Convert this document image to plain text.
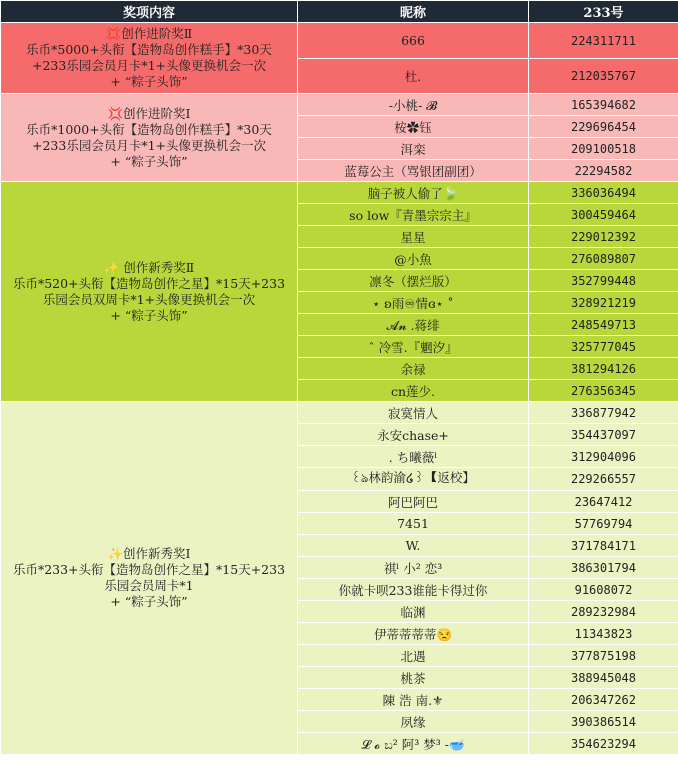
奖项内容	昵称	233号

💢创作进阶奖Ⅱ
乐币*5000+头衔【造物岛创作糕手】*30天
+233乐园会员月卡*1+头像更换机会一次
+ “粽子头饰”	666	224311711
	杜.	212035767

💢创作进阶奖Ⅰ
乐币*1000+头衔【造物岛创作糕手】*30天
+233乐园会员月卡*1+头像更换机会一次
+ “粽子头饰”	-小桃- 𝓑	165394682
	桉✿钰	229696454
	洱栾	209100518
	蓝莓公主（骂银团副团）	22294582

✨ 创作新秀奖Ⅱ
乐币*520+头衔【造物岛创作之星】*15天+233
乐园会员双周卡*1+头像更换机会一次
+ “粽子头饰”	脑子被人偷了🍃	336036494
	so low『青墨宗宗主』	300459464
	星星	229012392
	@小魚	276089807
	凛冬（摆烂版）	352799448
	⋆ ʚ雨♾情ɞ⋆ ˚	328921219
	𝓐𝓷 .蒋绯	248549713
	ˆ 冷雪.『魍汐』	325777045
	余禄	381294126
	cn莲少.	276356345

✨创作新秀奖Ⅰ
乐币*233+头衔【造物岛创作之星】*15天+233
乐园会员周卡*1
+ “粽子头饰”	寂寞情人	336877942
	永安chase+	354437097
	. ち曦薇ˡ	312904096
	꒰ঌ林韵渝໒꒱ 【返校】	229266557
	阿巴阿巴	23647412
	7451	57769794
	W.	371784171
	祺ˡ 小² 恋³	386301794
	你就卡呗233谁能卡得过你	91608072
	临渊	289232984
	伊蒂蒂蒂蒂😒	11343823
	北遇	377875198
	桃茶	388945048
	陳 浩 南.⚜	206347262
	夙缘	390386514
	𝓛 𝓸 ಬ² 阿³ 梦³ -🥣	354623294
